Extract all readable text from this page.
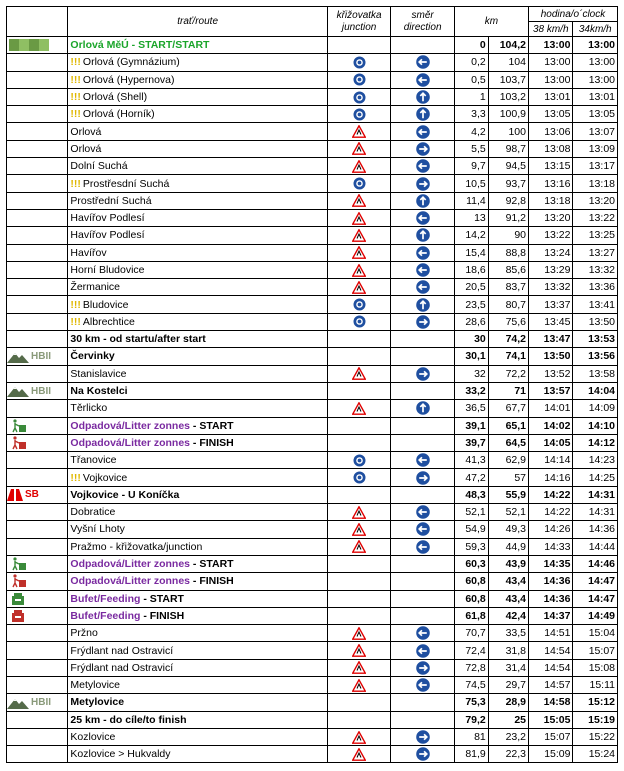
	trať/route	křižovatka junction	směr direction	km		hodina/o´clock	
						38 km/h	34km/h
	Orlová MěÚ - START/START			0	104,2	13:00	13:00
	!!! Orlová (Gymnázium)			0,2	104	13:00	13:00
	!!! Orlová (Hypernova)			0,5	103,7	13:00	13:00
	!!! Orlová (Shell)			1	103,2	13:01	13:01
	!!! Orlová (Horník)			3,3	100,9	13:05	13:05
	Orlová			4,2	100	13:06	13:07
	Orlová			5,5	98,7	13:08	13:09
	Dolní Suchá			9,7	94,5	13:15	13:17
	!!! Prostřesdní Suchá			10,5	93,7	13:16	13:18
	Prostřední Suchá			11,4	92,8	13:18	13:20
	Havířov Podlesí			13	91,2	13:20	13:22
	Havířov Podlesí			14,2	90	13:22	13:25
	Havířov			15,4	88,8	13:24	13:27
	Horní Bludovice			18,6	85,6	13:29	13:32
	Žermanice			20,5	83,7	13:32	13:36
	!!! Bludovice			23,5	80,7	13:37	13:41
	!!! Albrechtice			28,6	75,6	13:45	13:50
	30 km - od startu/after start			30	74,2	13:47	13:53
HBII	Červinky			30,1	74,1	13:50	13:56
	Stanislavice			32	72,2	13:52	13:58
HBII	Na Kostelci			33,2	71	13:57	14:04
	Těrlicko			36,5	67,7	14:01	14:09
	Odpadová/Litter zonnes - START			39,1	65,1	14:02	14:10
	Odpadová/Litter zonnes - FINISH			39,7	64,5	14:05	14:12
	Třanovice			41,3	62,9	14:14	14:23
	!!! Vojkovice			47,2	57	14:16	14:25
SB	Vojkovice - U Koníčka			48,3	55,9	14:22	14:31
	Dobratice			52,1	52,1	14:22	14:31
	Vyšní Lhoty			54,9	49,3	14:26	14:36
	Pražmo - křižovatka/junction			59,3	44,9	14:33	14:44
	Odpadová/Litter zonnes - START			60,3	43,9	14:35	14:46
	Odpadová/Litter zonnes - FINISH			60,8	43,4	14:36	14:47
	Bufet/Feeding - START			60,8	43,4	14:36	14:47
	Bufet/Feeding - FINISH			61,8	42,4	14:37	14:49
	Pržno			70,7	33,5	14:51	15:04
	Frýdlant nad Ostravicí			72,4	31,8	14:54	15:07
	Frýdlant nad Ostravicí			72,8	31,4	14:54	15:08
	Metylovice			74,5	29,7	14:57	15:11
HBII	Metylovice			75,3	28,9	14:58	15:12
	25 km - do cíle/to finish			79,2	25	15:05	15:19
	Kozlovice			81	23,2	15:07	15:22
	Kozlovice > Hukvaldy			81,9	22,3	15:09	15:24
